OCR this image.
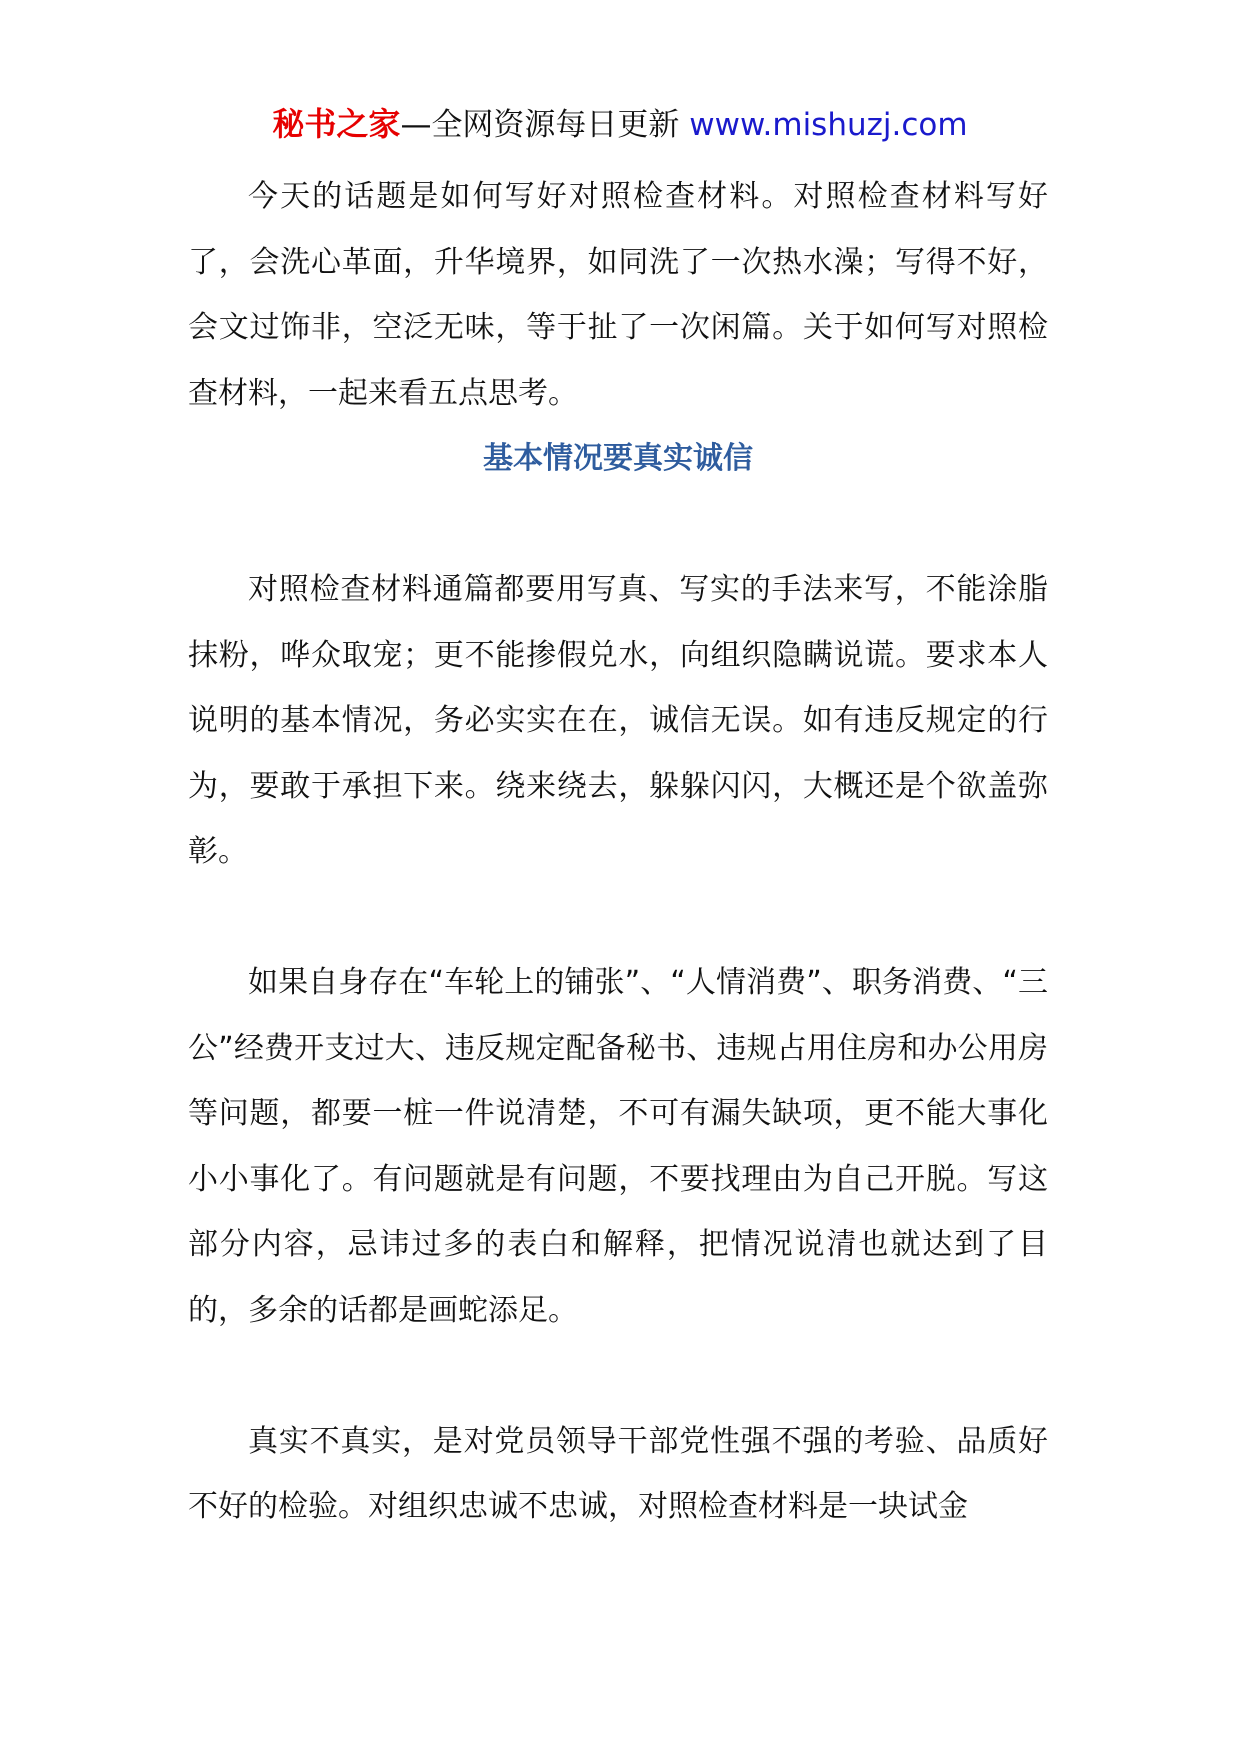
秘书之家—全网资源每日更新 www.mishuzj.com

今天的话题是如何写好对照检查材料。对照检查材料写好了，会洗心革面，升华境界，如同洗了一次热水澡；写得不好，会文过饰非，空泛无味，等于扯了一次闲篇。关于如何写对照检查材料，一起来看五点思考。

基本情况要真实诚信

对照检查材料通篇都要用写真、写实的手法来写，不能涂脂抹粉，哗众取宠；更不能掺假兑水，向组织隐瞒说谎。要求本人说明的基本情况，务必实实在在，诚信无误。如有违反规定的行为，要敢于承担下来。绕来绕去，躲躲闪闪，大概还是个欲盖弥彰。

如果自身存在“车轮上的铺张”、“人情消费”、职务消费、“三公”经费开支过大、违反规定配备秘书、违规占用住房和办公用房等问题，都要一桩一件说清楚，不可有漏失缺项，更不能大事化小小事化了。有问题就是有问题，不要找理由为自己开脱。写这部分内容，忌讳过多的表白和解释，把情况说清也就达到了目的，多余的话都是画蛇添足。

真实不真实，是对党员领导干部党性强不强的考验、品质好不好的检验。对组织忠诚不忠诚，对照检查材料是一块试金
